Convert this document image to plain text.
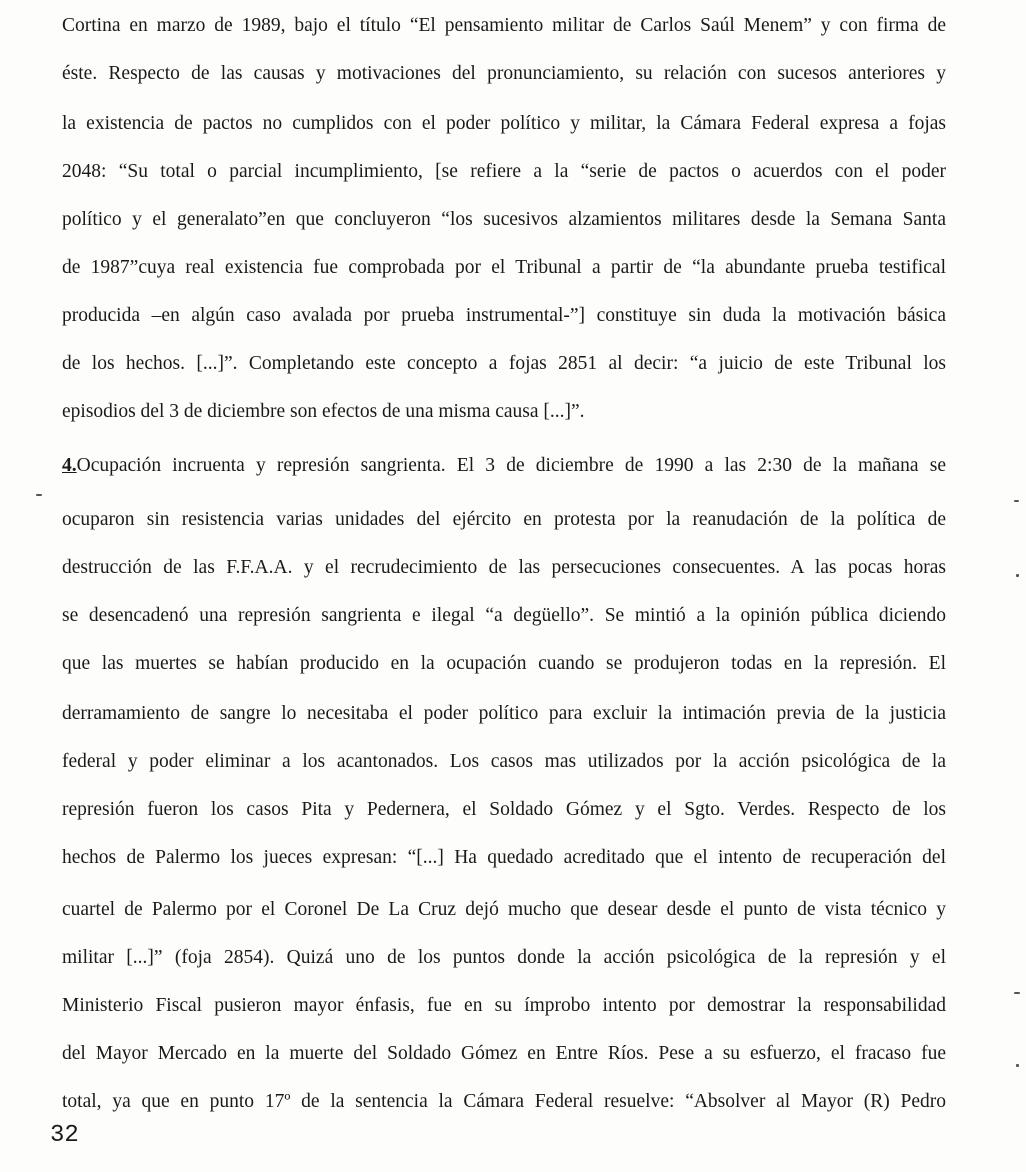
Cortina en marzo de 1989, bajo el título “El pensamiento militar de Carlos Saúl Menem” y con firma de
éste. Respecto de las causas y motivaciones del pronunciamiento, su relación con sucesos anteriores y
la existencia de pactos no cumplidos con el poder político y militar, la Cámara Federal expresa a fojas
2048: “Su total o parcial incumplimiento, [se refiere a la “serie de pactos o acuerdos con el poder
político y el generalato”en que concluyeron “los sucesivos alzamientos militares desde la Semana Santa
de 1987”cuya real existencia fue comprobada por el Tribunal a partir de “la abundante prueba testifical
producida –en algún caso avalada por prueba instrumental-”] constituye sin duda la motivación básica
de los hechos. [...]”. Completando este concepto a fojas 2851 al decir: “a juicio de este Tribunal los
episodios del 3 de diciembre son efectos de una misma causa [...]”.
4.Ocupación incruenta y represión sangrienta. El 3 de diciembre de 1990 a las 2:30 de la mañana se
ocuparon sin resistencia varias unidades del ejército en protesta por la reanudación de la política de
destrucción de las F.F.A.A. y el recrudecimiento de las persecuciones consecuentes. A las pocas horas
se desencadenó una represión sangrienta e ilegal “a degüello”. Se mintió a la opinión pública diciendo
que las muertes se habían producido en la ocupación cuando se produjeron todas en la represión. El
derramamiento de sangre lo necesitaba el poder político para excluir la intimación previa de la justicia
federal y poder eliminar a los acantonados. Los casos mas utilizados por la acción psicológica de la
represión fueron los casos Pita y Pedernera, el Soldado Gómez y el Sgto. Verdes. Respecto de los
hechos de Palermo los jueces expresan: “[...] Ha quedado acreditado que el intento de recuperación del
cuartel de Palermo por el Coronel De La Cruz dejó mucho que desear desde el punto de vista técnico y
militar [...]” (foja 2854). Quizá uno de los puntos donde la acción psicológica de la represión y el
Ministerio Fiscal pusieron mayor énfasis, fue en su ímprobo intento por demostrar la responsabilidad
del Mayor Mercado en la muerte del Soldado Gómez en Entre Ríos. Pese a su esfuerzo, el fracaso fue
total, ya que en punto 17º de la sentencia la Cámara Federal resuelve: “Absolver al Mayor (R) Pedro
32
